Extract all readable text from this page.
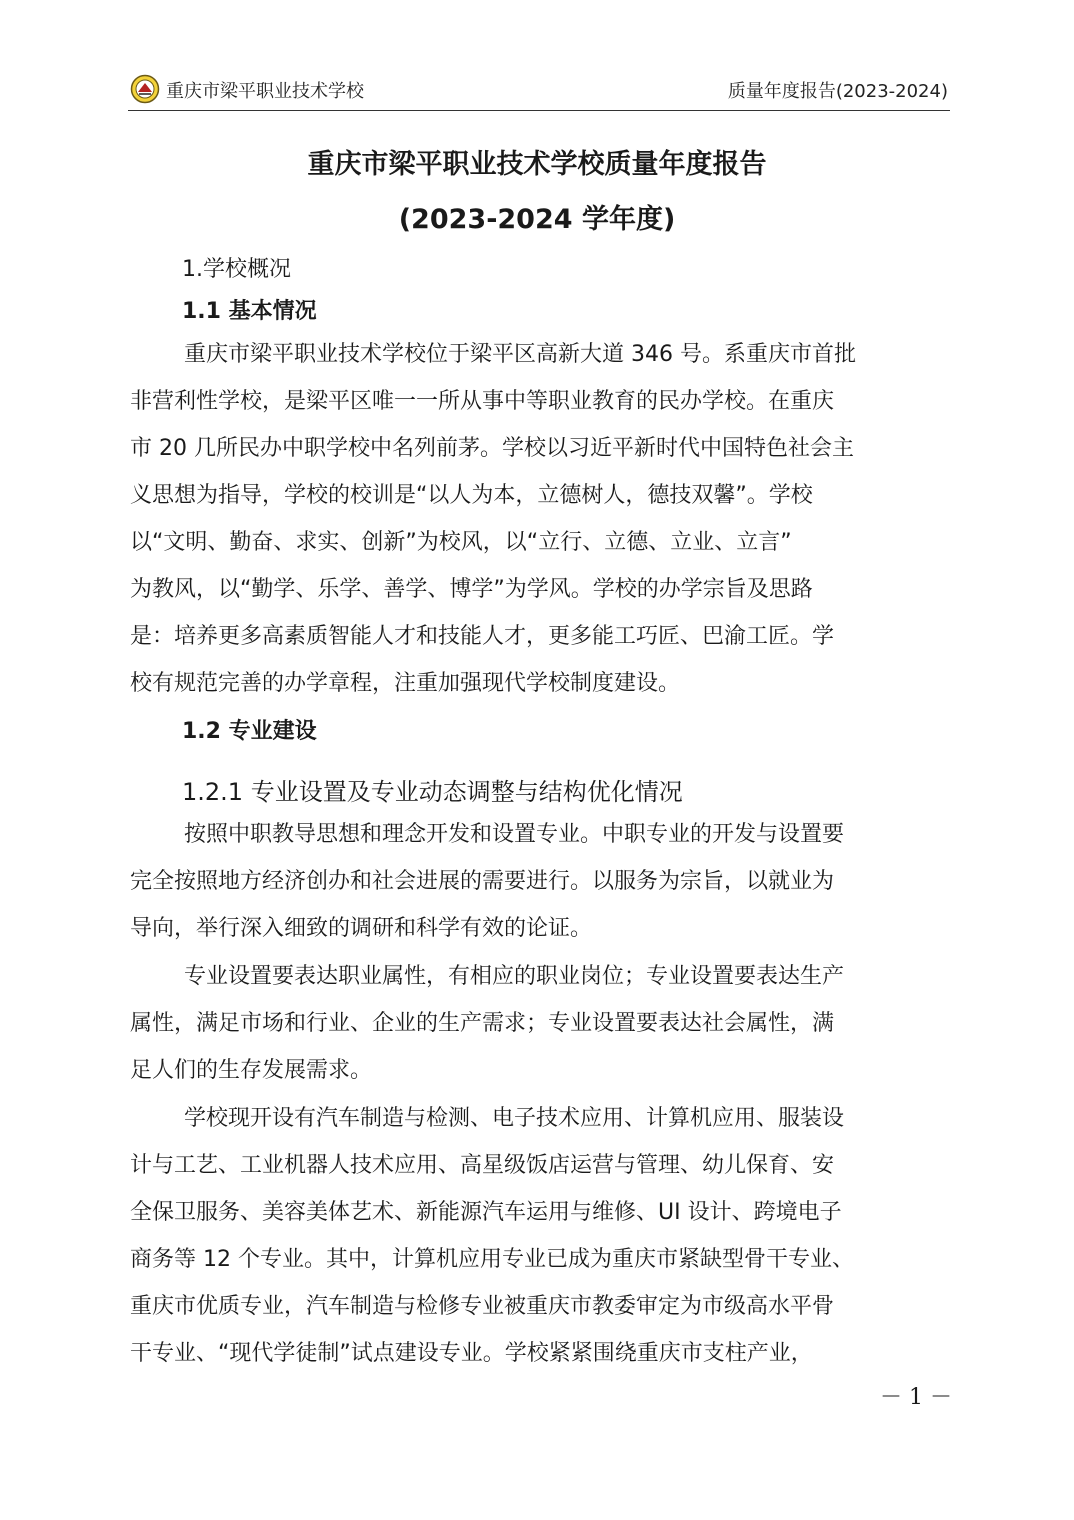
重庆市梁平职业技术学校	质量年度报告(2023-2024)
重庆市梁平职业技术学校质量年度报告
(2023-2024 学年度)
1.学校概况
1.1 基本情况
重庆市梁平职业技术学校位于梁平区高新大道 346 号。系重庆市首批
非营利性学校，是梁平区唯一一所从事中等职业教育的民办学校。在重庆
市 20 几所民办中职学校中名列前茅。学校以习近平新时代中国特色社会主
义思想为指导，学校的校训是“以人为本，立德树人，德技双馨”。学校
以“文明、勤奋、求实、创新”为校风，以“立行、立德、立业、立言”
为教风，以“勤学、乐学、善学、博学”为学风。学校的办学宗旨及思路
是：培养更多高素质智能人才和技能人才，更多能工巧匠、巴渝工匠。学
校有规范完善的办学章程，注重加强现代学校制度建设。
1.2 专业建设
1.2.1 专业设置及专业动态调整与结构优化情况
按照中职教导思想和理念开发和设置专业。中职专业的开发与设置要
完全按照地方经济创办和社会进展的需要进行。以服务为宗旨，以就业为
导向，举行深入细致的调研和科学有效的论证。
专业设置要表达职业属性，有相应的职业岗位；专业设置要表达生产
属性，满足市场和行业、企业的生产需求；专业设置要表达社会属性，满
足人们的生存发展需求。
学校现开设有汽车制造与检测、电子技术应用、计算机应用、服装设
计与工艺、工业机器人技术应用、高星级饭店运营与管理、幼儿保育、安
全保卫服务、美容美体艺术、新能源汽车运用与维修、UI 设计、跨境电子
商务等 12 个专业。其中，计算机应用专业已成为重庆市紧缺型骨干专业、
重庆市优质专业，汽车制造与检修专业被重庆市教委审定为市级高水平骨
干专业、“现代学徒制”试点建设专业。学校紧紧围绕重庆市支柱产业，
－ 1 －
